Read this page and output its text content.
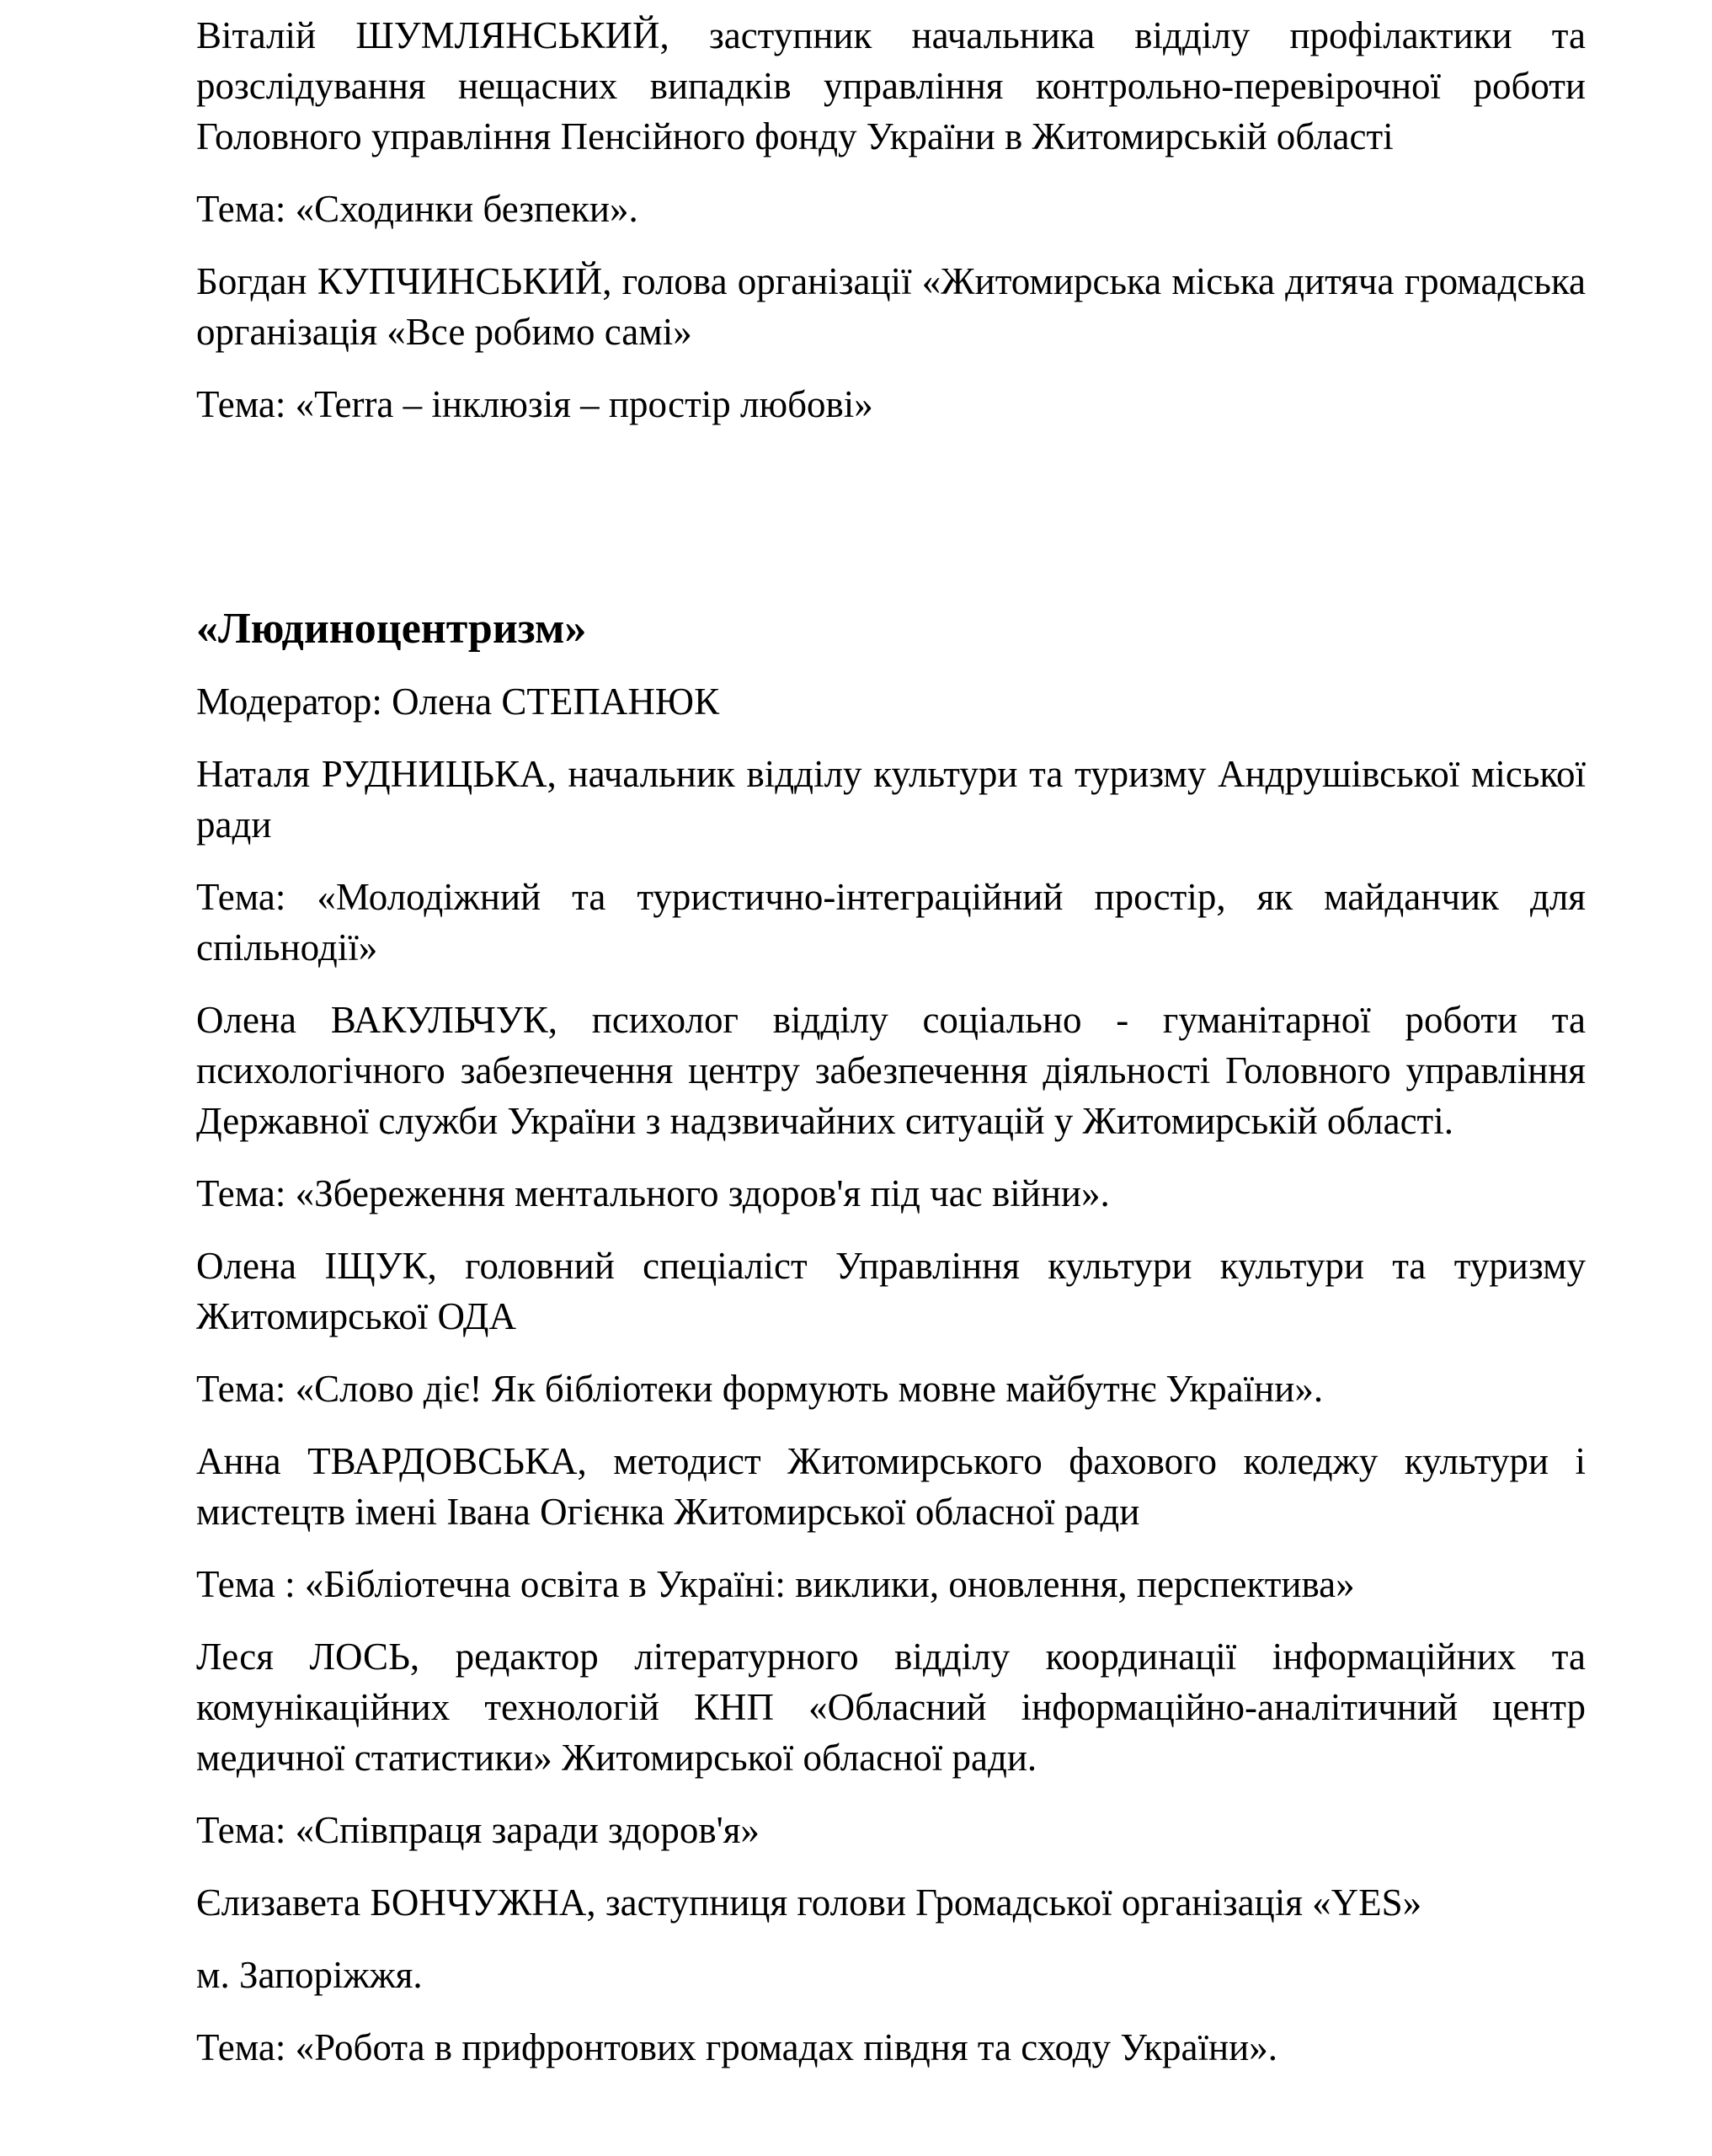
Віталій ШУМЛЯНСЬКИЙ, заступник начальника відділу профілактики та розслідування нещасних випадків управління контрольно-перевірочної роботи Головного управління Пенсійного фонду України в Житомирській області

Тема: «Сходинки безпеки».

Богдан КУПЧИНСЬКИЙ, голова організації «Житомирська міська дитяча громадська організація «Все робимо самі»

Тема: «Terra – інклюзія – простір любові»

«Людиноцентризм»

Модератор: Олена СТЕПАНЮК

Наталя РУДНИЦЬКА, начальник відділу культури та туризму Андрушівської міської ради

Тема: «Молодіжний та туристично-інтеграційний простір, як майданчик для спільнодії»

Олена ВАКУЛЬЧУК, психолог відділу соціально - гуманітарної роботи та психологічного забезпечення центру забезпечення діяльності Головного управління Державної служби України з надзвичайних ситуацій у Житомирській області.

Тема: «Збереження ментального здоров'я під час війни».

Олена ІЩУК, головний спеціаліст Управління культури культури та туризму Житомирської ОДА

Тема: «Слово діє! Як бібліотеки формують мовне майбутнє України».

Анна ТВАРДОВСЬКА, методист Житомирського фахового коледжу культури і мистецтв імені Івана Огієнка Житомирської обласної ради

Тема : «Бібліотечна освіта в Україні: виклики, оновлення, перспектива»

Леся ЛОСЬ, редактор літературного відділу координації інформаційних та комунікаційних технологій КНП «Обласний інформаційно-аналітичний центр медичної статистики» Житомирської обласної ради.

Тема: «Співпраця заради здоров'я»

Єлизавета БОНЧУЖНА, заступниця голови Громадської організація «YES»

м. Запоріжжя.

Тема: «Робота в прифронтових громадах півдня та сходу України».
